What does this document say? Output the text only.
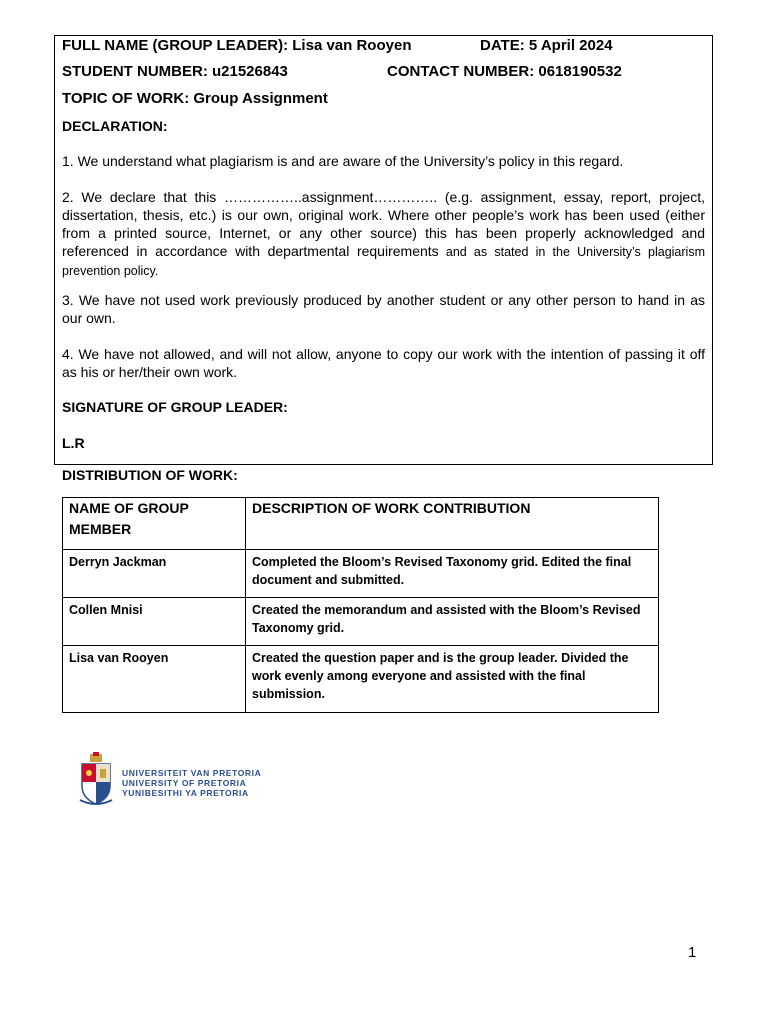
FULL NAME (GROUP LEADER): Lisa van Rooyen	DATE: 5 April 2024
STUDENT NUMBER: u21526843	CONTACT NUMBER: 0618190532
TOPIC OF WORK: Group Assignment
DECLARATION:
1. We understand what plagiarism is and are aware of the University’s policy in this regard.
2. We declare that this ……………..assignment………….. (e.g. assignment, essay, report, project, dissertation, thesis, etc.) is our own, original work. Where other people’s work has been used (either from a printed source, Internet, or any other source) this has been properly acknowledged and referenced in accordance with departmental requirements and as stated in the University’s plagiarism prevention policy.
3. We have not used work previously produced by another student or any other person to hand in as our own.
4. We have not allowed, and will not allow, anyone to copy our work with the intention of passing it off as his or her/their own work.
SIGNATURE OF GROUP LEADER:
L.R
DISTRIBUTION OF WORK:
NAME OF GROUP MEMBER	DESCRIPTION OF WORK CONTRIBUTION
Derryn Jackman	Completed the Bloom’s Revised Taxonomy grid. Edited the final document and submitted.
Collen Mnisi	Created the memorandum and assisted with the Bloom’s Revised Taxonomy grid.
Lisa van Rooyen	Created the question paper and is the group leader. Divided the work evenly among everyone and assisted with the final submission.
UNIVERSITEIT VAN PRETORIA
UNIVERSITY OF PRETORIA
YUNIBESITHI YA PRETORIA
1
